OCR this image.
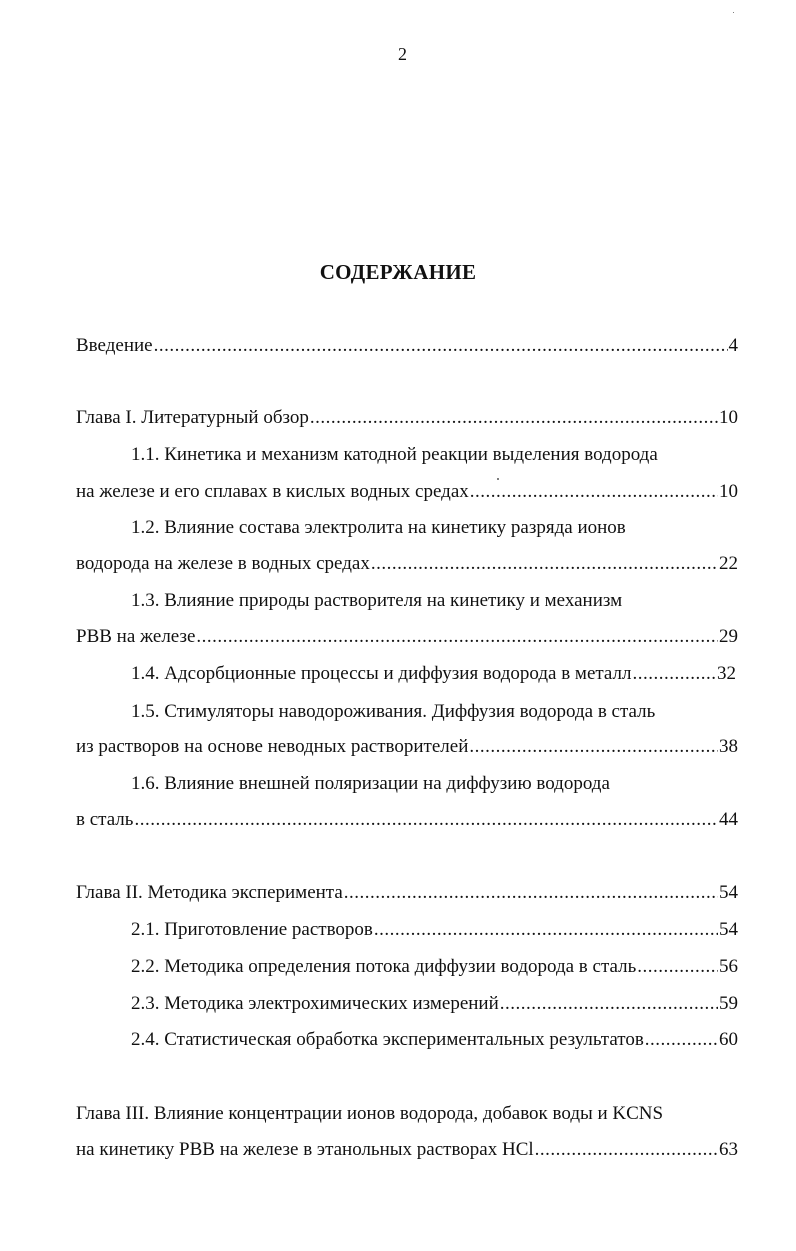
2
СОДЕРЖАНИЕ
Введение .....	4
Глава I. Литературный обзор .....	10
1.1. Кинетика и механизм катодной реакции выделения водорода
на железе и его сплавах в кислых водных средах .....	10
1.2. Влияние состава электролита на кинетику разряда ионов
водорода на железе в водных средах .....	22
1.3. Влияние природы растворителя на кинетику и механизм
РВВ на железе .....	29
1.4. Адсорбционные процессы и диффузия водорода в металл .....	32
1.5. Стимуляторы наводороживания. Диффузия водорода в сталь
из растворов на основе неводных растворителей .....	38
1.6. Влияние внешней поляризации на диффузию водорода
в сталь .....	44
Глава II. Методика эксперимента .....	54
2.1. Приготовление растворов .....	54
2.2. Методика определения потока диффузии водорода в сталь .....	56
2.3. Методика электрохимических измерений .....	59
2.4. Статистическая обработка экспериментальных результатов .....	60
Глава III. Влияние концентрации ионов водорода, добавок воды и KCNS
на кинетику РВВ на железе в этанольных растворах HCl .....	63
